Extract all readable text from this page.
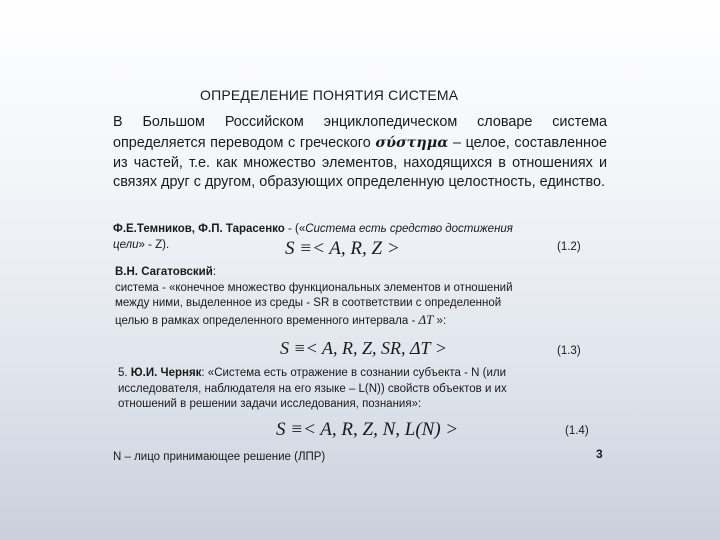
ОПРЕДЕЛЕНИЕ ПОНЯТИЯ СИСТЕМА
В Большом Российском энциклопедическом словаре система определяется переводом с греческого σύστημα – целое, составленное из частей, т.е. как множество элементов, находящихся в отношениях и связях друг с другом, образующих определенную целостность, единство.
Ф.Е.Темников, Ф.П. Тарасенко - («Система есть средство достижения
цели» - Z).	S ≡< A, R, Z >	(1.2)
В.Н. Сагатовский:
система - «конечное множество функциональных элементов и отношений
между ними, выделенное из среды - SR в соответствии с определенной
целью в рамках определенного временного интервала - ΔT »:
S ≡< A, R, Z, SR, ΔT >	(1.3)
5. Ю.И. Черняк: «Система есть отражение в сознании субъекта - N (или
исследователя, наблюдателя на его языке – L(N)) свойств объектов и их
отношений в решении задачи исследования, познания»:
S ≡< A, R, Z, N, L(N) >	(1.4)
N – лицо принимающее решение (ЛПР)	3
